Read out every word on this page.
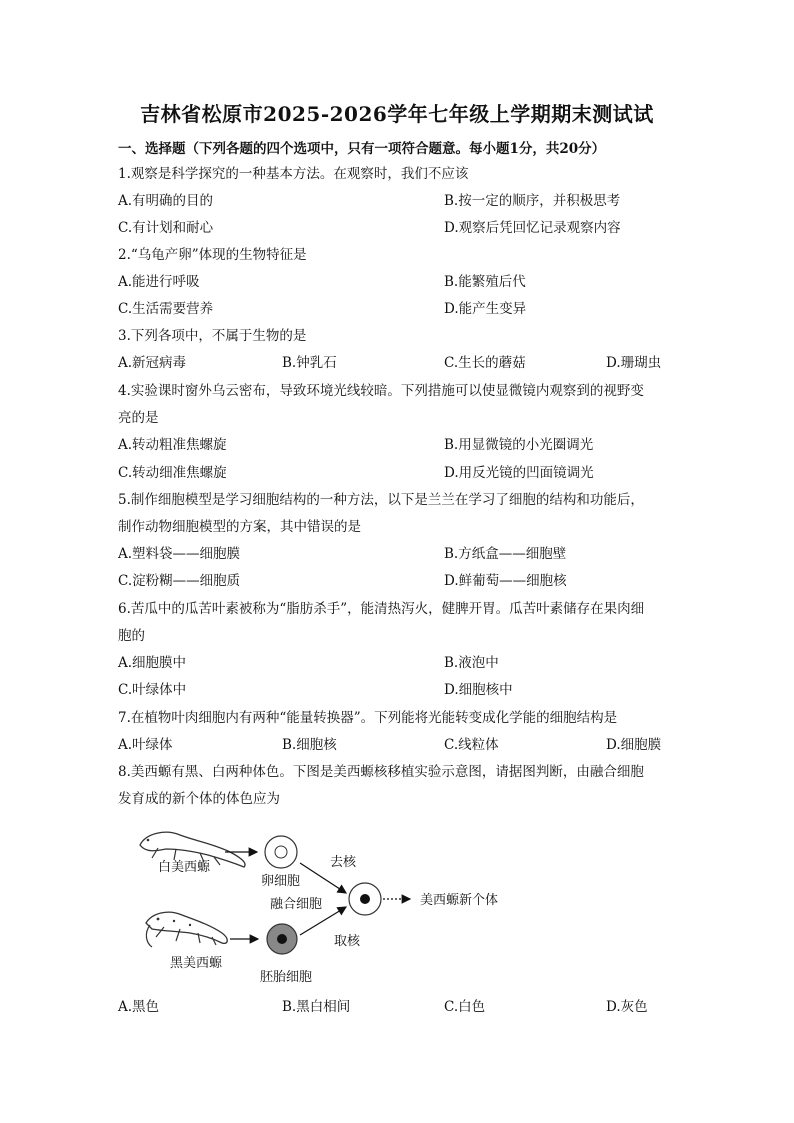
吉林省松原市2025-2026学年七年级上学期期末测试试
一、选择题（下列各题的四个选项中，只有一项符合题意。每小题1分，共20分）
1.观察是科学探究的一种基本方法。在观察时，我们不应该
A.有明确的目的	B.按一定的顺序，并积极思考
C.有计划和耐心	D.观察后凭回忆记录观察内容
2.“乌龟产卵”体现的生物特征是
A.能进行呼吸	B.能繁殖后代
C.生活需要营养	D.能产生变异
3.下列各项中，不属于生物的是
A.新冠病毒	B.钟乳石	C.生长的蘑菇	D.珊瑚虫
4.实验课时窗外乌云密布，导致环境光线较暗。下列措施可以使显微镜内观察到的视野变
亮的是
A.转动粗准焦螺旋	B.用显微镜的小光圈调光
C.转动细准焦螺旋	D.用反光镜的凹面镜调光
5.制作细胞模型是学习细胞结构的一种方法，以下是兰兰在学习了细胞的结构和功能后，
制作动物细胞模型的方案，其中错误的是
A.塑料袋——细胞膜	B.方纸盒——细胞壁
C.淀粉糊——细胞质	D.鲜葡萄——细胞核
6.苦瓜中的瓜苦叶素被称为“脂肪杀手”，能清热泻火，健脾开胃。瓜苦叶素储存在果肉细
胞的
A.细胞膜中	B.液泡中
C.叶绿体中	D.细胞核中
7.在植物叶肉细胞内有两种“能量转换器”。下列能将光能转变成化学能的细胞结构是
A.叶绿体	B.细胞核	C.线粒体	D.细胞膜
8.美西螈有黑、白两种体色。下图是美西螈核移植实验示意图，请据图判断，由融合细胞
发育成的新个体的体色应为
白美西螈
卵细胞
去核
融合细胞	美西螈新个体
取核
黑美西螈
胚胎细胞
A.黑色	B.黑白相间	C.白色	D.灰色
